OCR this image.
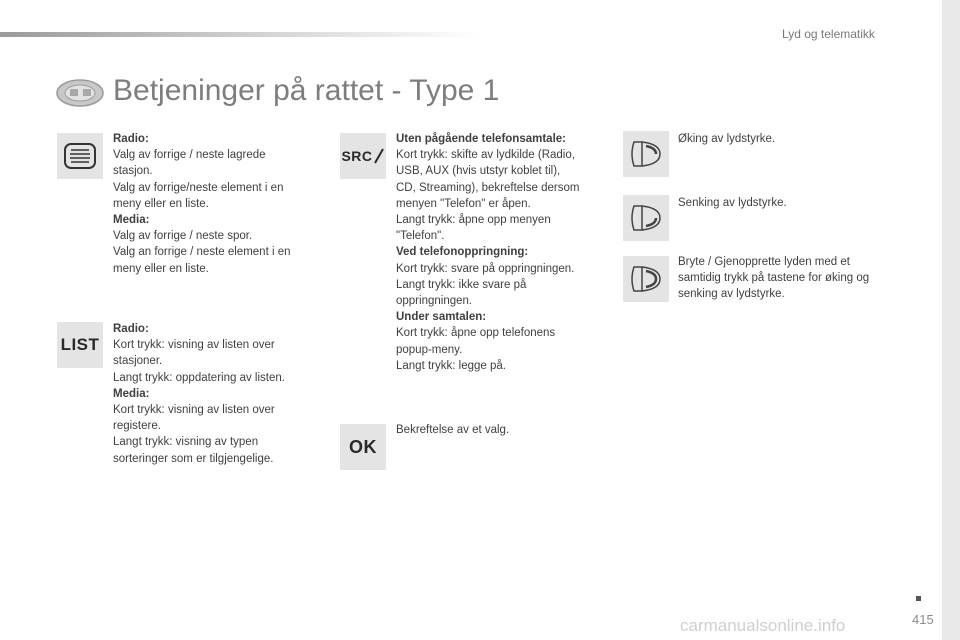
Lyd og telematikk
Betjeninger på rattet - Type 1
Radio:
Valg av forrige / neste lagrede
stasjon.
Valg av forrige/neste element i en
meny eller en liste.
Media:
Valg av forrige / neste spor.
Valg an forrige / neste element i en
meny eller en liste.
LIST
Radio:
Kort trykk: visning av listen over
stasjoner.
Langt trykk: oppdatering av listen.
Media:
Kort trykk: visning av listen over
registere.
Langt trykk: visning av typen
sorteringer som er tilgjengelige.
SRC
Uten pågående telefonsamtale:
Kort trykk: skifte av lydkilde (Radio,
USB, AUX (hvis utstyr koblet til),
CD, Streaming), bekreftelse dersom
menyen "Telefon" er åpen.
Langt trykk: åpne opp menyen
"Telefon".
Ved telefonoppringning:
Kort trykk: svare på oppringningen.
Langt trykk: ikke svare på
oppringningen.
Under samtalen:
Kort trykk: åpne opp telefonens
popup-meny.
Langt trykk: legge på.
OK
Bekreftelse av et valg.
Øking av lydstyrke.
Senking av lydstyrke.
Bryte / Gjenopprette lyden med et
samtidig trykk på tastene for øking og
senking av lydstyrke.
415
carmanualsonline.info
